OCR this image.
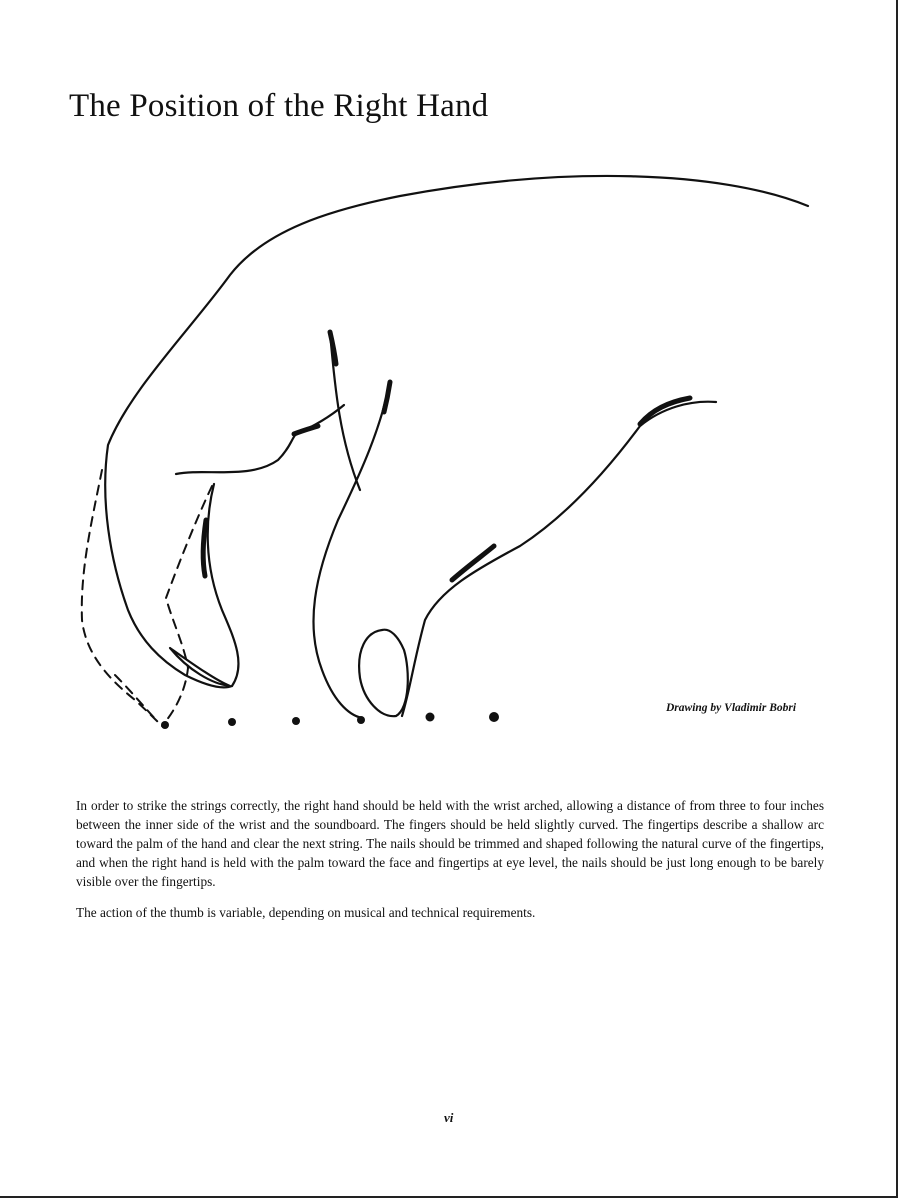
The Position of the Right Hand
Drawing by Vladimir Bobri

In order to strike the strings correctly, the right hand should be held with the wrist arched, allowing a distance of from three to four inches between the inner side of the wrist and the soundboard. The fingers should be held slightly curved. The fingertips describe a shallow arc toward the palm of the hand and clear the next string. The nails should be trimmed and shaped following the natural curve of the fingertips, and when the right hand is held with the palm toward the face and fingertips at eye level, the nails should be just long enough to be barely visible over the fingertips.

The action of the thumb is variable, depending on musical and technical requirements.

vi
